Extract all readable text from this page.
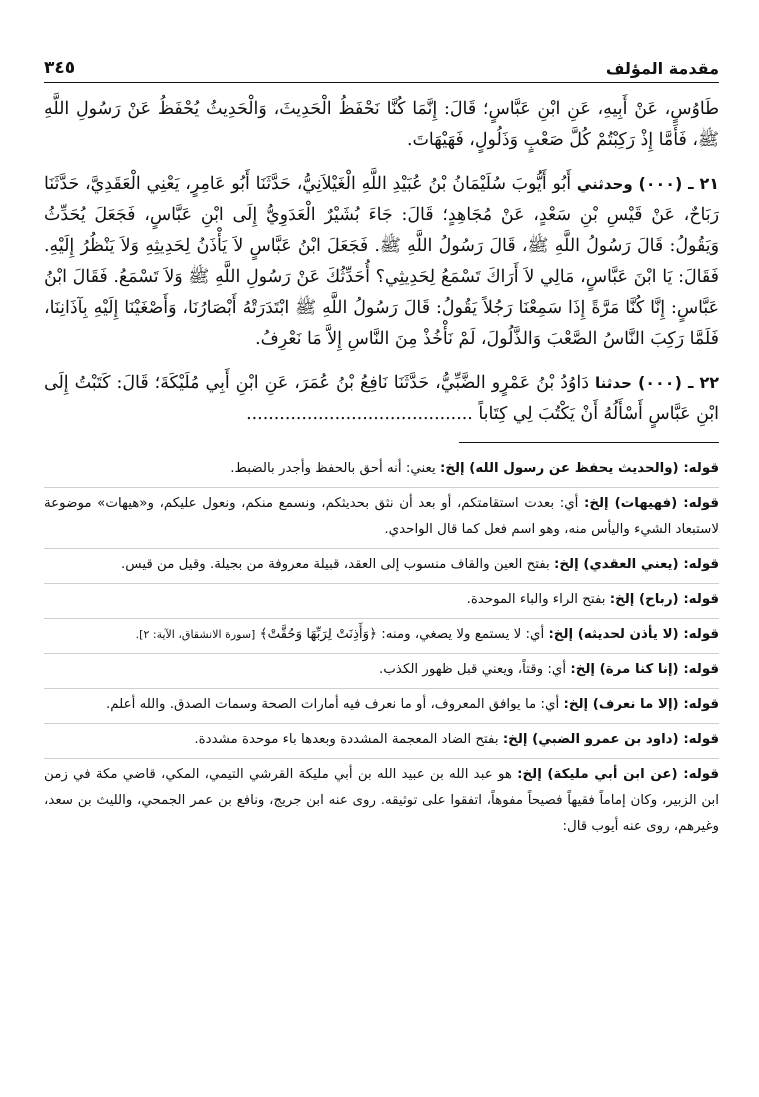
مقدمة المؤلف
٣٤٥

طَاوُسٍ، عَنْ أَبِيهِ، عَنِ ابْنِ عَبَّاسٍ؛ قَالَ: إِنَّمَا كُنَّا نَحْفَظُ الْحَدِيثَ، وَالْحَدِيثُ يُحْفَظُ عَنْ رَسُولِ اللَّهِ ﷺ، فَأَمَّا إِذْ رَكِبْتُمْ كُلَّ صَعْبٍ وَذَلُولٍ، فَهَيْهَاتَ.

٢١ ـ (٠٠٠) وحدثني أَبُو أَيُّوبَ سُلَيْمَانُ بْنُ عُبَيْدِ اللَّهِ الْغَيْلاَنِيُّ، حَدَّثَنَا أَبُو عَامِرٍ، يَعْنِي الْعَقَدِيَّ، حَدَّثَنَا رَبَاحٌ، عَنْ قَيْسِ بْنِ سَعْدٍ، عَنْ مُجَاهِدٍ؛ قَالَ: جَاءَ بُشَيْرٌ الْعَدَوِيُّ إِلَى ابْنِ عَبَّاسٍ، فَجَعَلَ يُحَدِّثُ وَيَقُولُ: قَالَ رَسُولُ اللَّهِ ﷺ، قَالَ رَسُولُ اللَّهِ ﷺ. فَجَعَلَ ابْنُ عَبَّاسٍ لاَ يَأْذَنُ لِحَدِيثِهِ وَلاَ يَنْظُرُ إِلَيْهِ. فَقَالَ: يَا ابْنَ عَبَّاسٍ، مَالِي لاَ أَرَاكَ تَسْمَعُ لِحَدِيثِي؟ أُحَدِّثُكَ عَنْ رَسُولِ اللَّهِ ﷺ وَلاَ تَسْمَعُ. فَقَالَ ابْنُ عَبَّاسٍ: إِنَّا كُنَّا مَرَّةً إِذَا سَمِعْنَا رَجُلاً يَقُولُ: قَالَ رَسُولُ اللَّهِ ﷺ ابْتَدَرَتْهُ أَبْصَارُنَا، وَأَصْغَيْنَا إِلَيْهِ بِآذَانِنَا، فَلَمَّا رَكِبَ النَّاسُ الصَّعْبَ وَالذَّلُولَ، لَمْ نَأْخُذْ مِنَ النَّاسِ إِلاَّ مَا نَعْرِفُ.

٢٢ ـ (٠٠٠) حدثنا دَاوُدُ بْنُ عَمْرٍو الضَّبِّيُّ، حَدَّثَنَا نَافِعُ بْنُ عُمَرَ، عَنِ ابْنِ أَبِي مُلَيْكَةَ؛ قَالَ: كَتَبْتُ إِلَى ابْنِ عَبَّاسٍ أَسْأَلُهُ أَنْ يَكْتُبَ لِي كِتَاباً .........................................

قوله: (والحديث يحفظ عن رسول الله) إلخ: يعني: أنه أحق بالحفظ وأجدر بالضبط.
قوله: (فهيهات) إلخ: أي: بعدت استقامتكم، أو بعد أن نثق بحديثكم، ونسمع منكم، ونعول عليكم، و«هيهات» موضوعة لاستبعاد الشيء واليأس منه، وهو اسم فعل كما قال الواحدي.
قوله: (يعني العقدي) إلخ: بفتح العين والقاف منسوب إلى العقد، قبيلة معروفة من بجيلة. وقيل من قيس.
قوله: (رباح) إلخ: بفتح الراء والباء الموحدة.
قوله: (لا يأذن لحديثه) إلخ: أي: لا يستمع ولا يصغي، ومنه: ﴿وَأَذِنَتْ لِرَبِّهَا وَحُقَّتْ﴾ [سورة الانشقاق، الآية: ٢].
قوله: (إنا كنا مرة) إلخ: أي: وقتاً، ويعني قبل ظهور الكذب.
قوله: (إلا ما نعرف) إلخ: أي: ما يوافق المعروف، أو ما نعرف فيه أمارات الصحة وسمات الصدق. والله أعلم.
قوله: (داود بن عمرو الضبي) إلخ: بفتح الضاد المعجمة المشددة وبعدها باء موحدة مشددة.
قوله: (عن ابن أبي مليكة) إلخ: هو عبد الله بن عبيد الله بن أبي مليكة القرشي التيمي، المكي، قاضي مكة في زمن ابن الزبير، وكان إماماً فقيهاً فصيحاً مفوهاً، اتفقوا على توثيقه. روى عنه ابن جريج، ونافع بن عمر الجمحي، والليث بن سعد، وغيرهم، روى عنه أيوب قال:
